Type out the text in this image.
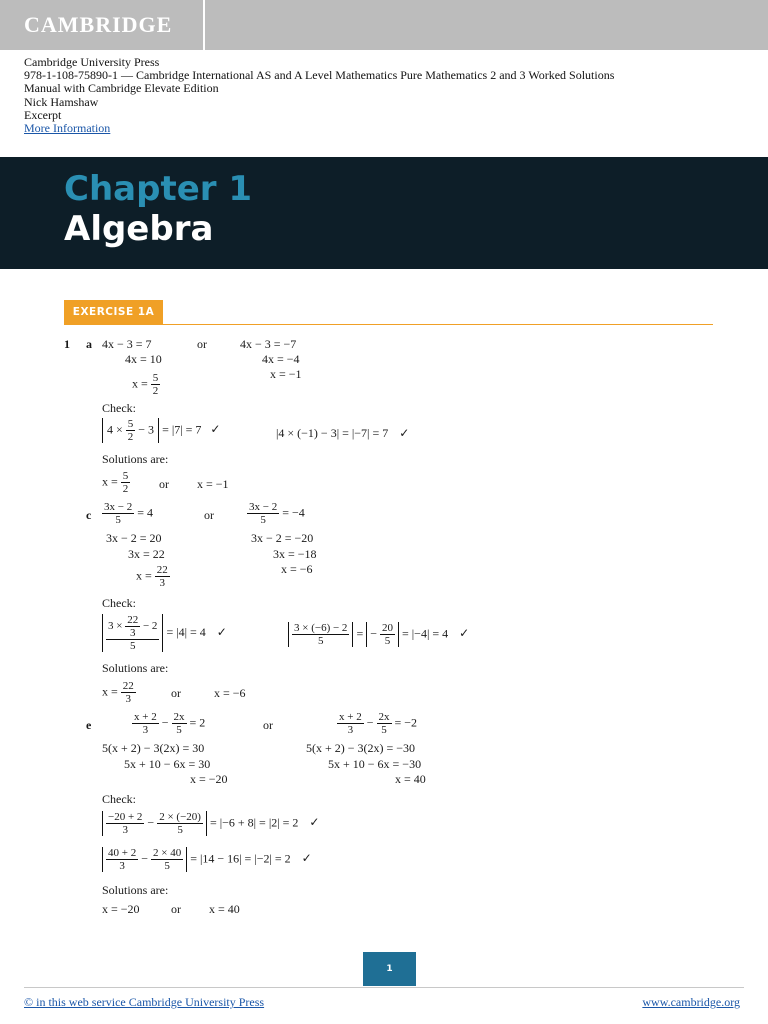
CAMBRIDGE
Cambridge University Press
978-1-108-75890-1 — Cambridge International AS and A Level Mathematics Pure Mathematics 2 and 3 Worked Solutions
Manual with Cambridge Elevate Edition
Nick Hamshaw
Excerpt
More Information
Chapter 1
Algebra
EXERCISE 1A
1 a 4x − 3 = 7	or	4x − 3 = −7
4x = 10	4x = −4
x = −1
$x = \frac{5}{2}$
Check:
$4 \times \frac{5}{2} - 3 = |7| = 7$ ✓	|4 × (−1) − 3| = |−7| = 7 ✓
Solutions are:
$x = \frac{5}{2}$ or x = −1
c $\frac{3x - 2}{5} = 4$	or	$\frac{3x - 2}{5} = -4$
3x − 2 = 20	3x − 2 = −20
3x = 22	3x = −18
x = −6
$x = \frac{22}{3}$
Check:
$\frac{3 \times \frac{22}{3} - 2}{5} = |4| = 4$ ✓	$\frac{3 \times (-6) - 2}{5}$ = − $\frac{20}{5} = |-4| = 4$ ✓
Solutions are:
$x = \frac{22}{3}$	or	x = −6
e	$\frac{x + 2}{3} - \frac{2x}{5} = 2$	or	$\frac{x + 2}{3} - \frac{2x}{5} = -2$
5(x + 2) − 3(2x) = 30	5(x + 2) − 3(2x) = −30
5x + 10 − 6x = 30	5x + 10 − 6x = −30
x = −20	x = 40
Check:
$\frac{-20 + 2}{3} - \frac{2 \times (-20)}{5} = |-6 + 8| = |2| = 2$ ✓
$\frac{40 + 2}{3} - \frac{2 \times 40}{5} = |14 - 16| = |-2| = 2$ ✓
Solutions are:
x = −20	or x = 40
1
© in this web service Cambridge University Press	www.cambridge.org
